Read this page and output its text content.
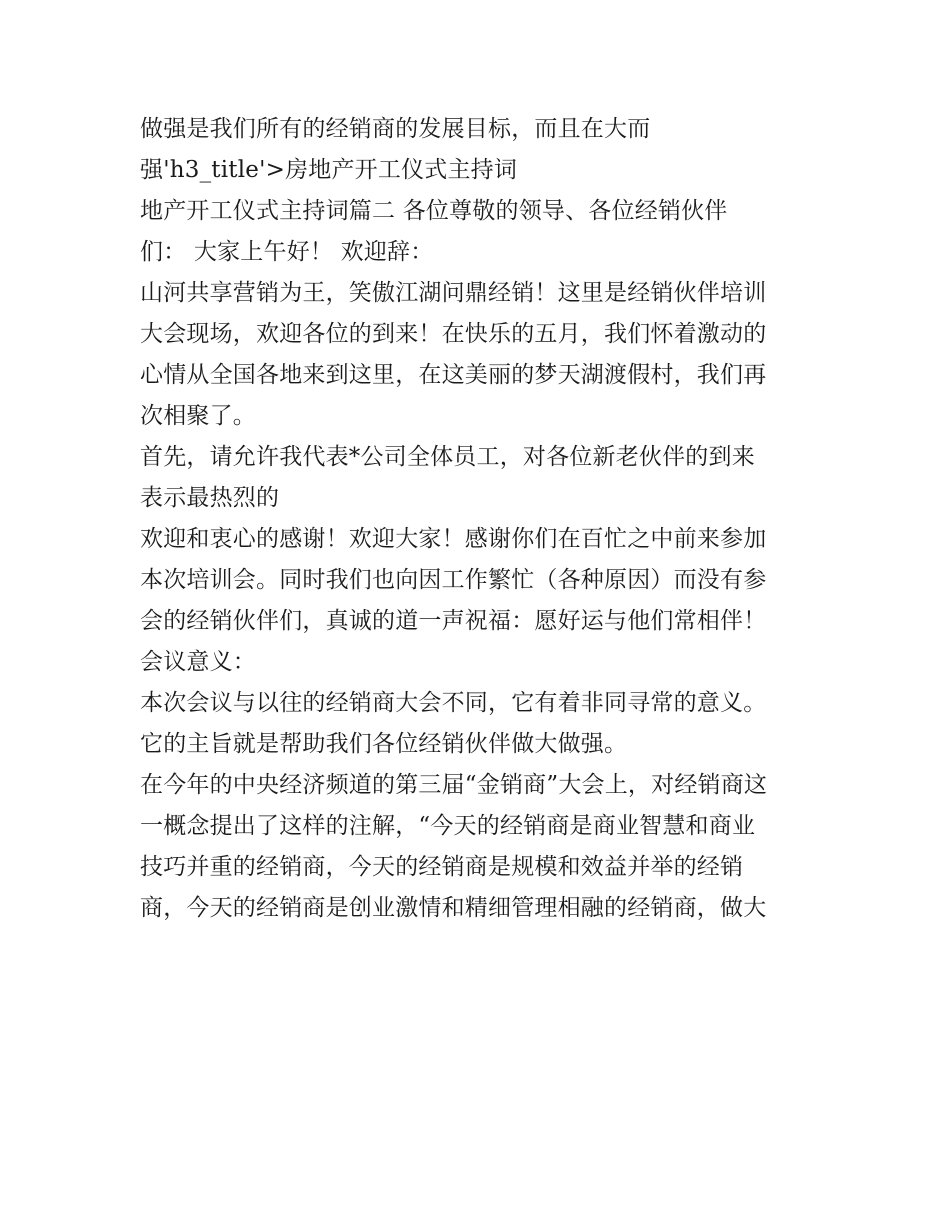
做强是我们所有的经销商的发展目标，而且在大而

强'h3_title'>房地产开工仪式主持词

地产开工仪式主持词篇二 各位尊敬的领导、各位经销伙伴

们： 大家上午好！ 欢迎辞：

山河共享营销为王，笑傲江湖问鼎经销！这里是经销伙伴培训

大会现场，欢迎各位的到来！在快乐的五月，我们怀着激动的

心情从全国各地来到这里，在这美丽的梦天湖渡假村，我们再

次相聚了。

首先，请允许我代表*公司全体员工，对各位新老伙伴的到来

表示最热烈的

欢迎和衷心的感谢！欢迎大家！感谢你们在百忙之中前来参加

本次培训会。同时我们也向因工作繁忙（各种原因）而没有参

会的经销伙伴们，真诚的道一声祝福：愿好运与他们常相伴！

会议意义：

本次会议与以往的经销商大会不同，它有着非同寻常的意义。

它的主旨就是帮助我们各位经销伙伴做大做强。

在今年的中央经济频道的第三届“金销商”大会上，对经销商这

一概念提出了这样的注解，“今天的经销商是商业智慧和商业

技巧并重的经销商，今天的经销商是规模和效益并举的经销

商，今天的经销商是创业激情和精细管理相融的经销商，做大
